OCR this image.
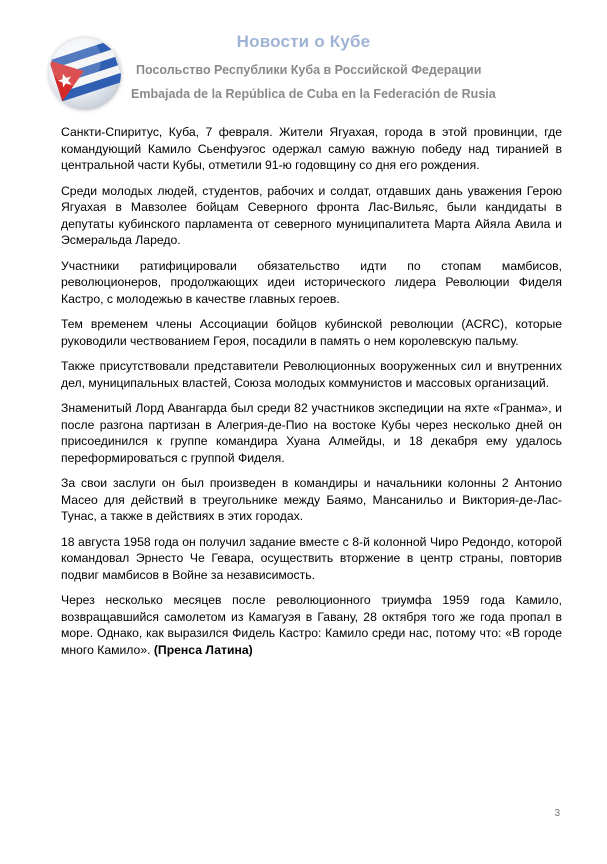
Новости о Кубе
Посольство Республики Куба в Российской Федерации
Embajada de la República de Cuba en la Federación de Rusia

Санкти-Спиритус, Куба, 7 февраля. Жители Ягуахая, города в этой провинции, где командующий Камило Сьенфуэгос одержал самую важную победу над тиранией в центральной части Кубы, отметили 91-ю годовщину со дня его рождения.

Среди молодых людей, студентов, рабочих и солдат, отдавших дань уважения Герою Ягуахая в Мавзолее бойцам Северного фронта Лас-Вильяс, были кандидаты в депутаты кубинского парламента от северного муниципалитета Марта Айяла Авила и Эсмеральда Ларедо.

Участники ратифицировали обязательство идти по стопам мамбисов, революционеров, продолжающих идеи исторического лидера Революции Фиделя Кастро, с молодежью в качестве главных героев.

Тем временем члены Ассоциации бойцов кубинской революции (ACRC), которые руководили чествованием Героя, посадили в память о нем королевскую пальму.

Также присутствовали представители Революционных вооруженных сил и внутренних дел, муниципальных властей, Союза молодых коммунистов и массовых организаций.

Знаменитый Лорд Авангарда был среди 82 участников экспедиции на яхте «Гранма», и после разгона партизан в Алегрия-де-Пио на востоке Кубы через несколько дней он присоединился к группе командира Хуана Алмейды, и 18 декабря ему удалось переформироваться с группой Фиделя.

За свои заслуги он был произведен в командиры и начальники колонны 2 Антонио Масео для действий в треугольнике между Баямо, Мансанильо и Виктория-де-Лас-Тунас, а также в действиях в этих городах.

18 августа 1958 года он получил задание вместе с 8-й колонной Чиро Редондо, которой командовал Эрнесто Че Гевара, осуществить вторжение в центр страны, повторив подвиг мамбисов в Войне за независимость.

Через несколько месяцев после революционного триумфа 1959 года Камило, возвращавшийся самолетом из Камагуэя в Гавану, 28 октября того же года пропал в море. Однако, как выразился Фидель Кастро: Камило среди нас, потому что: «В городе много Камило». (Пренса Латина)

3
